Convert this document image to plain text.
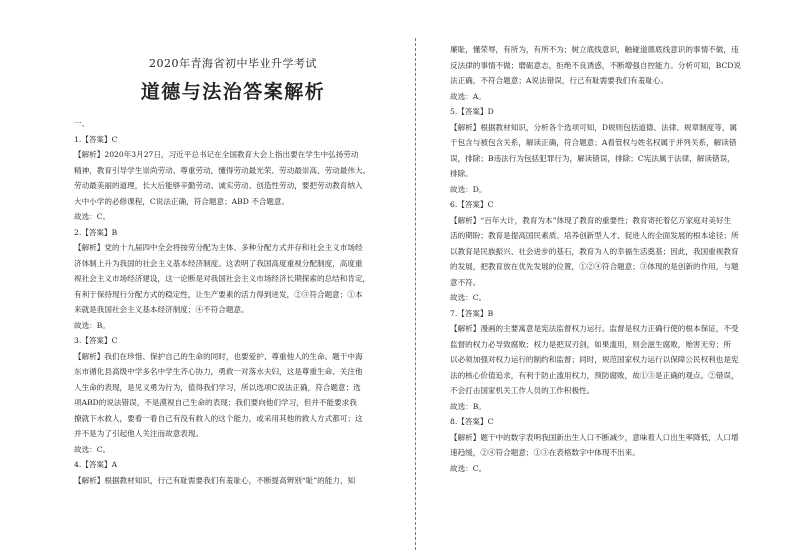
2020年青海省初中毕业升学考试
道德与法治答案解析
一、
1.【答案】C
【解析】2020年3月27日，习近平总书记在全国教育大会上指出要在学生中弘扬劳动
精神，教育引导学生崇尚劳动、尊重劳动，懂得劳动最光荣、劳动最崇高、劳动最伟大、
劳动最美丽的道理，长大后能够辛勤劳动、诚实劳动、创造性劳动，要把劳动教育纳入
大中小学的必修课程，C说法正确，符合题意；ABD 不合题意。
故选：C。
2.【答案】B
【解析】党的十九届四中全会将按劳分配为主体、多种分配方式并存和社会主义市场经
济体制上升为我国的社会主义基本经济制度。这表明了我国高度重视分配制度，高度重
视社会主义市场经济建设，这一论断是对我国社会主义市场经济长期探索的总结和肯定，
有利于保持现行分配方式的稳定性，让生产要素的活力得到迸发，②③符合题意；①本
来就是我国社会主义基本经济制度；④不符合题意。
故选：B。
3.【答案】C
【解析】我们在珍惜、保护自己的生命的同时，也要爱护、尊重他人的生命。题干中海
东市循化县高级中学多名中学生齐心协力，勇救一对落水夫妇，这是尊重生命、关注他
人生命的表现，是见义勇为行为，值得我们学习，所以选项C说法正确，符合题意；选
项ABD的说法错误，不是漠视自己生命的表现；我们要向他们学习，但并不能要求我
撩就下水救人，要看一看自己有没有救人的这个能力，或采用其他的救人方式都可；这
并不是为了引起他人关注而故意表现。
故选：C。
4.【答案】A
【解析】根据教材知识，行己有耻需要我们有羞耻心，不断提高辨别“耻”的能力，知
廉耻，懂荣辱，有所为，有所不为；树立底线意识，触碰道德底线意识的事情不做，违
反法律的事情不做；磨砺意志，拒绝不良诱惑，不断增强自控能力。分析可知，BCD说
法正确，不符合题意；A说法错误，行己有耻需要我们有羞耻心。
故选：A。
5.【答案】D
【解析】根据教材知识，分析各个选项可知，D规则包括道德、法律、规章制度等，属
于包含与被包含关系，解读正确，符合题意；A看管权与姓名权属于并列关系，解读错
误，排除；B违法行为包括犯罪行为，解读错误，排除；C宪法属于法律，解读错误，
排除。
故选：D。
6.【答案】C
【解析】“百年大计，教育为本”体现了教育的重要性；教育寄托着亿万家庭对美好生
活的期盼；教育是提高国民素质、培养创新型人才、促进人的全面发展的根本途径；所
以教育是民族振兴、社会进步的基石，教育为人的幸福生活奠基；因此，我国重视教育
的发展，把教育放在优先发展的位置，①②④符合题意；③体现的是创新的作用，与题
意不符。
故选：C。
7.【答案】B
【解析】漫画的主要寓意是宪法监督权力运行。监督是权力正确行使的根本保证，不受
监督的权力必导致腐败；权力是把双刃剑，如果滥用，则会滋生腐败，贻害无穷；所
以必须加强对权力运行的制约和监督；同时，规范国家权力运行以保障公民权利也是宪
法的核心价值追求，有利于防止滥用权力，预防腐败，故①③是正确的观点。②错误，
不会打击国家机关工作人员的工作积极性。
故选：B。
8.【答案】C
【解析】题干中的数字表明我国新出生人口不断减少，意味着人口出生率降低，人口增
速趋缓，②④符合题意；①③在表格数字中体现不出来。
故选：C。
